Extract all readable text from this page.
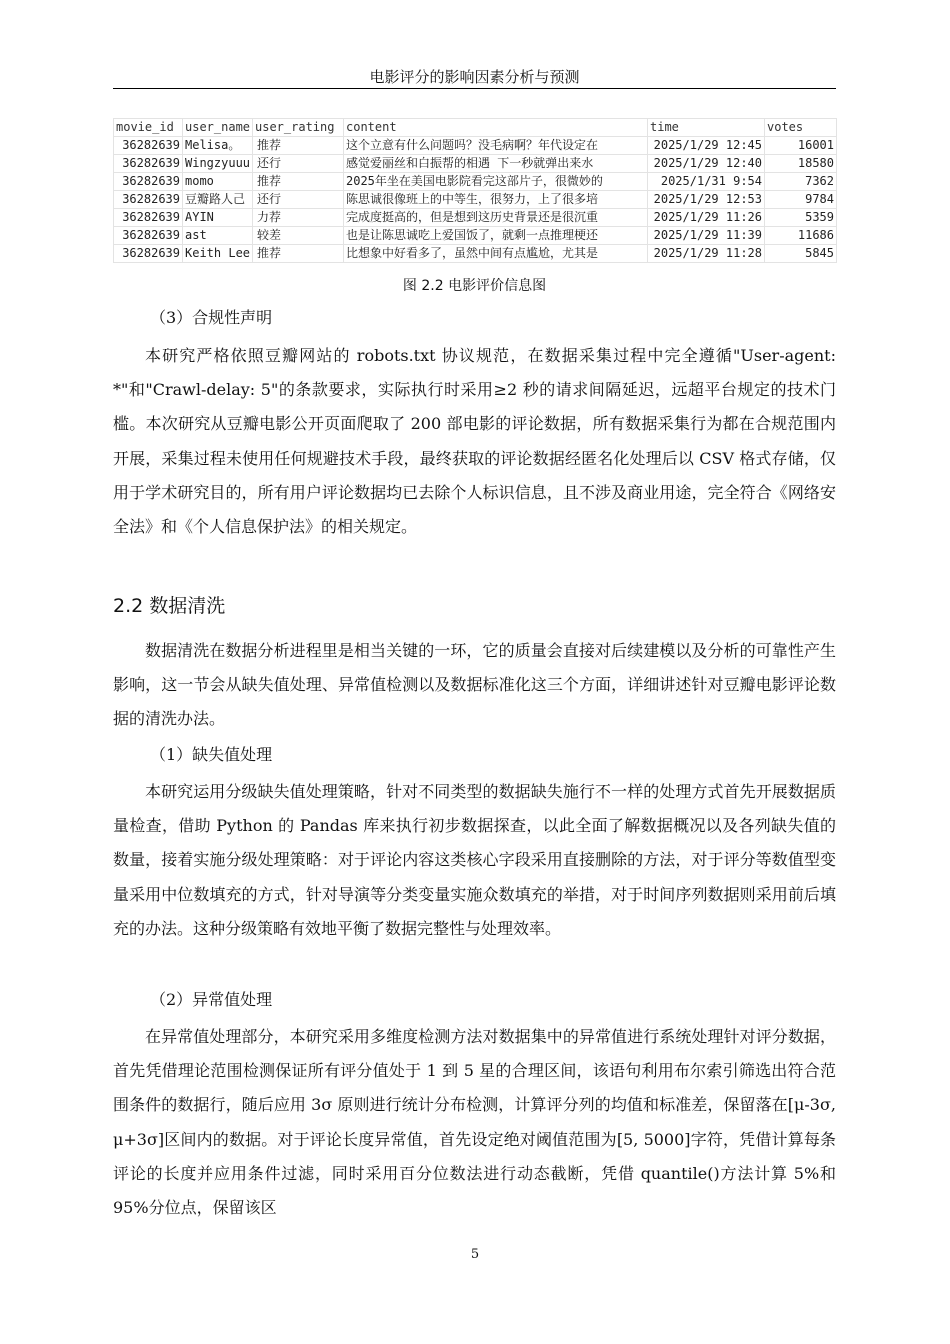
电影评分的影响因素分析与预测
movie_id	user_name	user_rating	content	time	votes
36282639	Melisa。	推荐	这个立意有什么问题吗？没毛病啊？年代设定在	2025/1/29 12:45	16001
36282639	Wingzyuuu	还行	感觉爱丽丝和白振帮的相遇 下一秒就弹出来水	2025/1/29 12:40	18580
36282639	momo	推荐	2025年坐在美国电影院看完这部片子，很微妙的	2025/1/31 9:54	7362
36282639	豆瓣路人己	还行	陈思诚很像班上的中等生，很努力，上了很多培	2025/1/29 12:53	9784
36282639	AYIN	力荐	完成度挺高的，但是想到这历史背景还是很沉重	2025/1/29 11:26	5359
36282639	ast	较差	也是让陈思诚吃上爱国饭了，就剩一点推理梗还	2025/1/29 11:39	11686
36282639	Keith Lee	推荐	比想象中好看多了，虽然中间有点尴尬，尤其是	2025/1/29 11:28	5845
图 2.2 电影评价信息图
（3）合规性声明

本研究严格依照豆瓣网站的 robots.txt 协议规范，在数据采集过程中完全遵循"User-agent: *"和"Crawl-delay: 5"的条款要求，实际执行时采用≥2 秒的请求间隔延迟，远超平台规定的技术门槛。本次研究从豆瓣电影公开页面爬取了 200 部电影的评论数据，所有数据采集行为都在合规范围内开展，采集过程未使用任何规避技术手段，最终获取的评论数据经匿名化处理后以 CSV 格式存储，仅用于学术研究目的，所有用户评论数据均已去除个人标识信息，且不涉及商业用途，完全符合《网络安全法》和《个人信息保护法》的相关规定。

2.2 数据清洗

数据清洗在数据分析进程里是相当关键的一环，它的质量会直接对后续建模以及分析的可靠性产生影响，这一节会从缺失值处理、异常值检测以及数据标准化这三个方面，详细讲述针对豆瓣电影评论数据的清洗办法。

（1）缺失值处理

本研究运用分级缺失值处理策略，针对不同类型的数据缺失施行不一样的处理方式首先开展数据质量检查，借助 Python 的 Pandas 库来执行初步数据探查，以此全面了解数据概况以及各列缺失值的数量，接着实施分级处理策略：对于评论内容这类核心字段采用直接删除的方法，对于评分等数值型变量采用中位数填充的方式，针对导演等分类变量实施众数填充的举措，对于时间序列数据则采用前后填充的办法。这种分级策略有效地平衡了数据完整性与处理效率。

（2）异常值处理

在异常值处理部分，本研究采用多维度检测方法对数据集中的异常值进行系统处理针对评分数据，首先凭借理论范围检测保证所有评分值处于 1 到 5 星的合理区间，该语句利用布尔索引筛选出符合范围条件的数据行，随后应用 3σ 原则进行统计分布检测，计算评分列的均值和标准差，保留落在[μ-3σ, μ+3σ]区间内的数据。对于评论长度异常值，首先设定绝对阈值范围为[5, 5000]字符，凭借计算每条评论的长度并应用条件过滤，同时采用百分位数法进行动态截断，凭借 quantile()方法计算 5%和 95%分位点，保留该区

5
